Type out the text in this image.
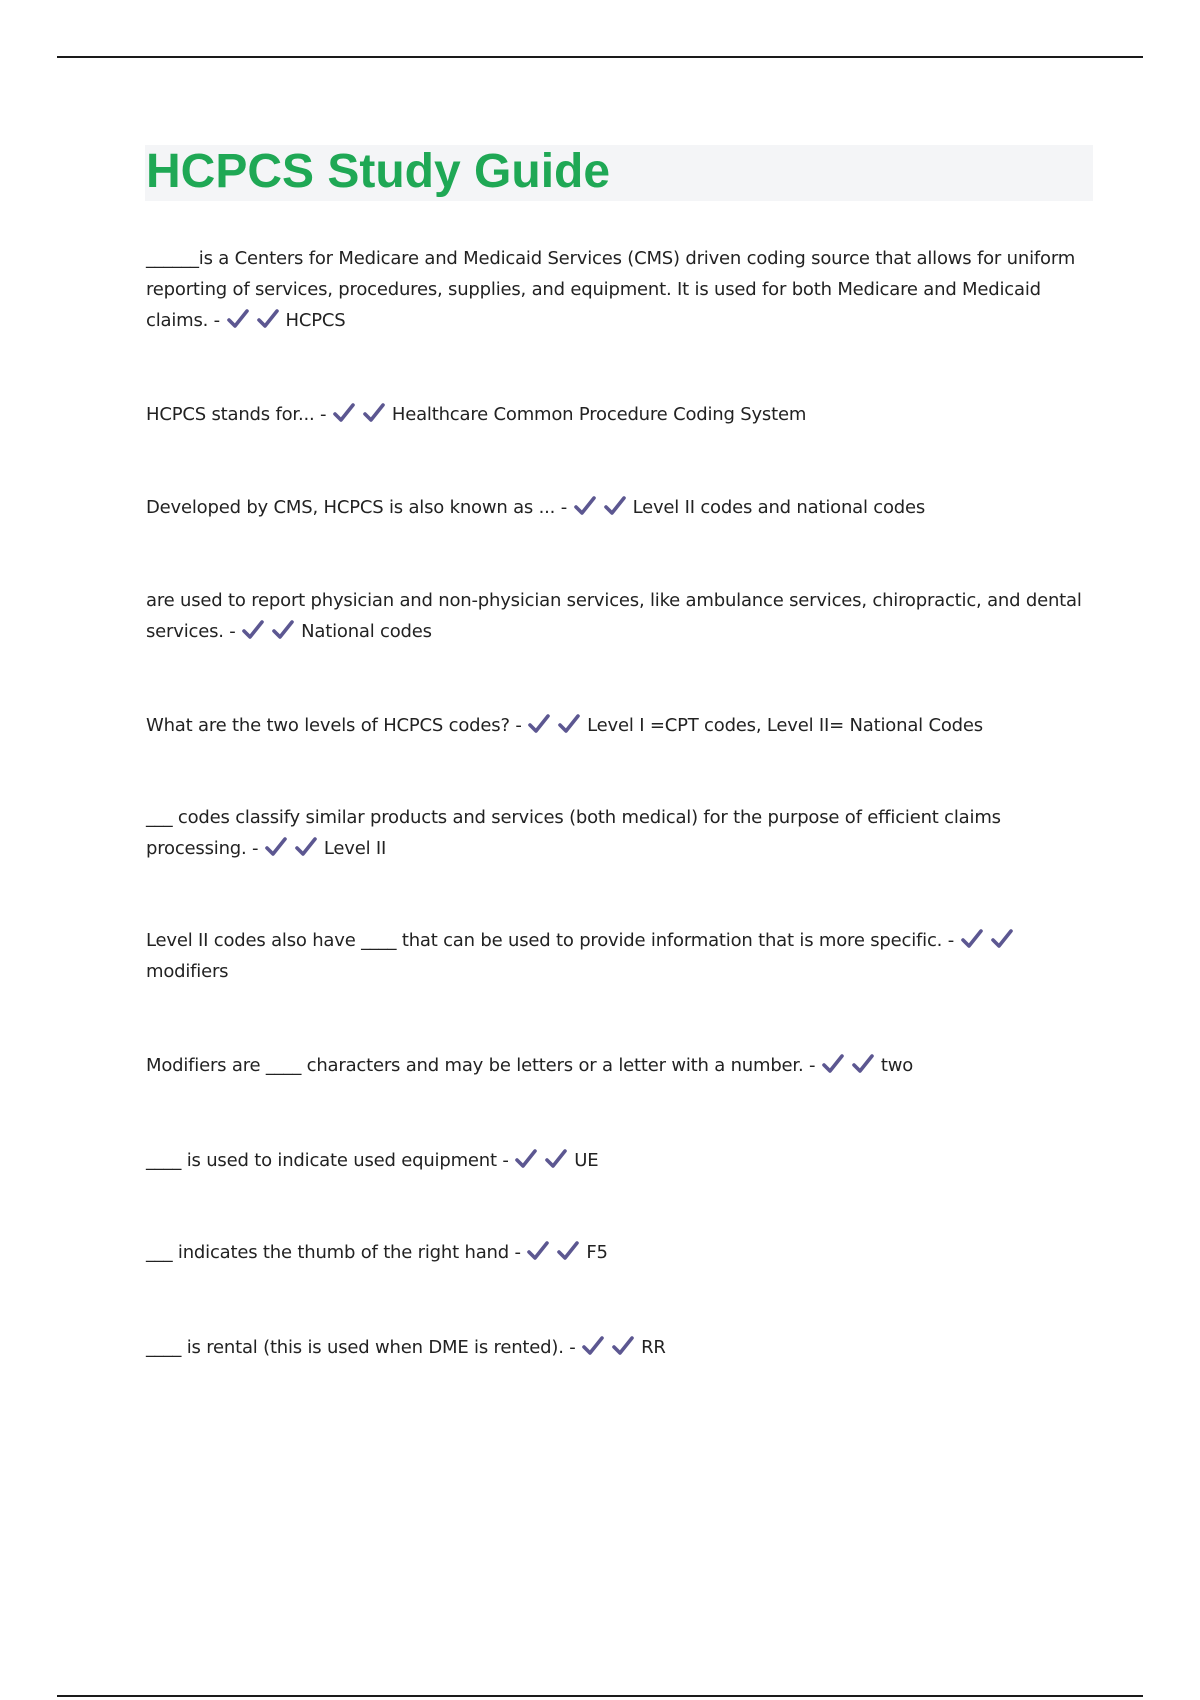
HCPCS Study Guide

______is a Centers for Medicare and Medicaid Services (CMS) driven coding source that allows for uniform reporting of services, procedures, supplies, and equipment. It is used for both Medicare and Medicaid claims. -	HCPCS

HCPCS stands for... -	Healthcare Common Procedure Coding System

Developed by CMS, HCPCS is also known as ... -	Level II codes and national codes

are used to report physician and non-physician services, like ambulance services, chiropractic, and dental services. -	National codes

What are the two levels of HCPCS codes? -	Level I =CPT codes, Level II= National Codes

___ codes classify similar products and services (both medical) for the purpose of efficient claims processing. -	Level II

Level II codes also have ____ that can be used to provide information that is more specific. -
modifiers

Modifiers are ____ characters and may be letters or a letter with a number. -	two

____ is used to indicate used equipment -	UE

___ indicates the thumb of the right hand -	F5

____ is rental (this is used when DME is rented). -	RR
